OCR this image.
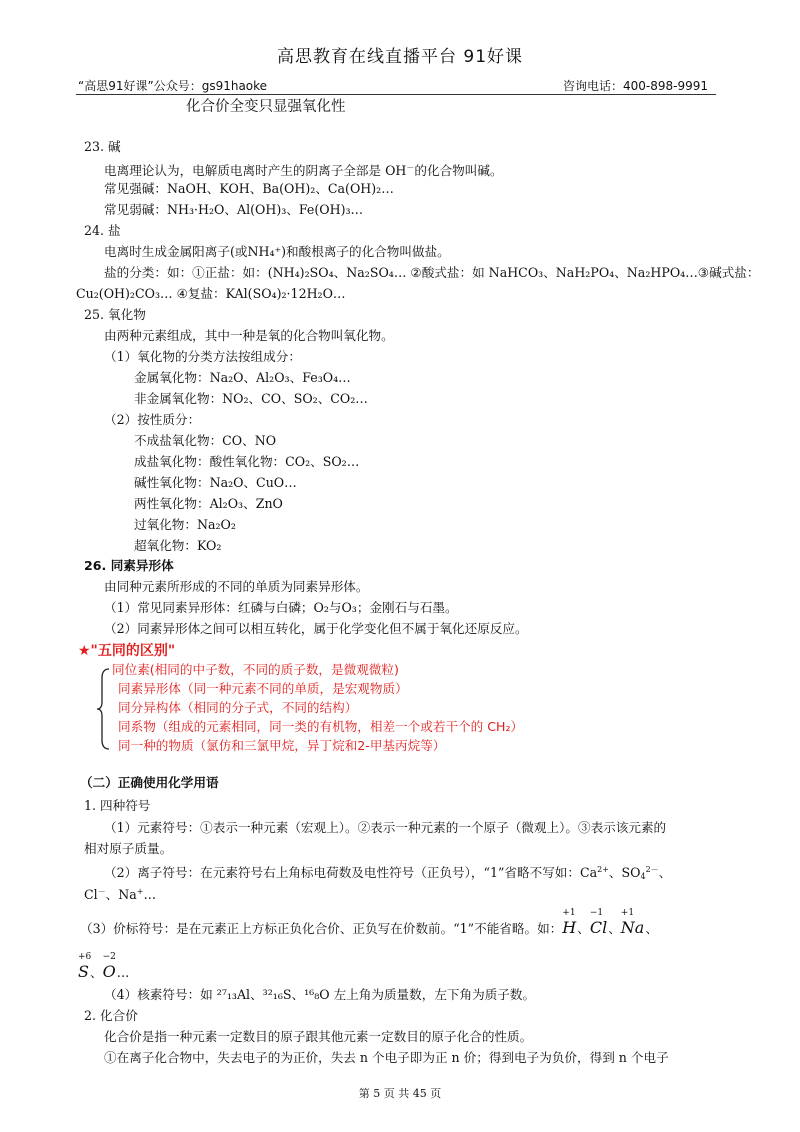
高思教育在线直播平台 91好课
“高思91好课”公众号：gs91haoke	咨询电话：400-898-9991
化合价全变只显强氧化性
23. 碱
电离理论认为，电解质电离时产生的阴离子全部是 OH－的化合物叫碱。
常见强碱：NaOH、KOH、Ba(OH)₂、Ca(OH)₂…
常见弱碱：NH₃·H₂O、Al(OH)₃、Fe(OH)₃…
24. 盐
电离时生成金属阳离子(或NH₄⁺)和酸根离子的化合物叫做盐。
盐的分类：如：①正盐：如：(NH₄)₂SO₄、Na₂SO₄… ②酸式盐：如 NaHCO₃、NaH₂PO₄、Na₂HPO₄…③碱式盐：
Cu₂(OH)₂CO₃… ④复盐：KAl(SO₄)₂·12H₂O…
25. 氧化物
由两种元素组成，其中一种是氧的化合物叫氧化物。
（1）氧化物的分类方法按组成分：
金属氧化物：Na₂O、Al₂O₃、Fe₃O₄…
非金属氧化物：NO₂、CO、SO₂、CO₂…
（2）按性质分：
不成盐氧化物：CO、NO
成盐氧化物：酸性氧化物：CO₂、SO₂…
碱性氧化物：Na₂O、CuO…
两性氧化物：Al₂O₃、ZnO
过氧化物：Na₂O₂
超氧化物：KO₂
26. 同素异形体
由同种元素所形成的不同的单质为同素异形体。
（1）常见同素异形体：红磷与白磷；O₂与O₃；金刚石与石墨。
（2）同素异形体之间可以相互转化，属于化学变化但不属于氧化还原反应。
★"五同的区别"
同位素(相同的中子数，不同的质子数，是微观微粒)
同素异形体（同一种元素不同的单质，是宏观物质）
同分异构体（相同的分子式，不同的结构）
同系物（组成的元素相同，同一类的有机物，相差一个或若干个的 CH₂）
同一种的物质（氯仿和三氯甲烷，异丁烷和2-甲基丙烷等）
（二）正确使用化学用语
1. 四种符号
（1）元素符号：①表示一种元素（宏观上）。②表示一种元素的一个原子（微观上）。③表示该元素的
相对原子质量。
（2）离子符号：在元素符号右上角标电荷数及电性符号（正负号），“1”省略不写如：$Ca^{2+}$、$SO_4^{2-}$、
Cl－、Na+…
（3）价标符号：是在元素正上方标正负化合价、正负写在价数前。“1”不能省略。如：
+1
H、
−1
Cl、
+1
Na、
+6
S、
−2
O…
（4）核素符号：如 ²⁷₁₃Al、³²₁₆S、¹⁶₈O 左上角为质量数，左下角为质子数。
2. 化合价
化合价是指一种元素一定数目的原子跟其他元素一定数目的原子化合的性质。
①在离子化合物中，失去电子的为正价，失去 n 个电子即为正 n 价；得到电子为负价，得到 n 个电子
第 5 页 共 45 页
